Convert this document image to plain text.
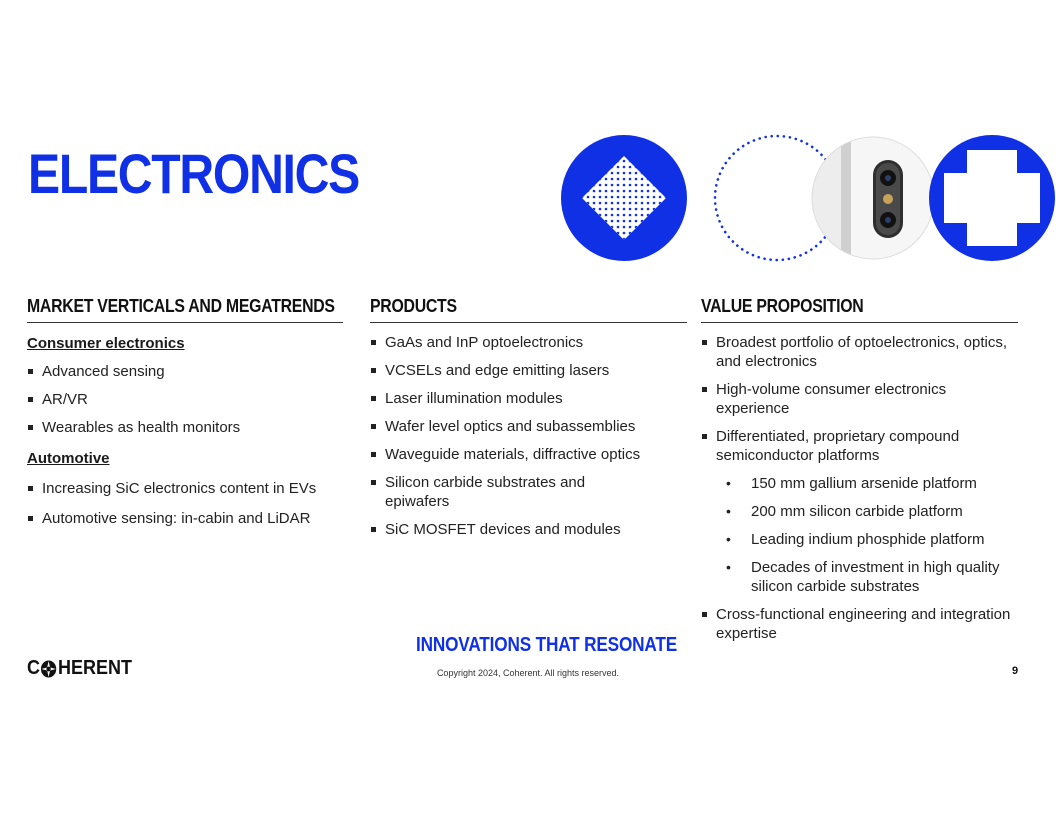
ELECTRONICS
MARKET VERTICALS AND MEGATRENDS
Consumer electronics
Advanced sensing
AR/VR
Wearables as health monitors
Automotive
Increasing SiC electronics content in EVs
Automotive sensing: in-cabin and LiDAR
PRODUCTS
GaAs and InP optoelectronics
VCSELs and edge emitting lasers
Laser illumination modules
Wafer level optics and subassemblies
Waveguide materials, diffractive optics
Silicon carbide substrates and epiwafers
SiC MOSFET devices and modules
VALUE PROPOSITION
Broadest portfolio of optoelectronics, optics, and electronics
High-volume consumer electronics experience
Differentiated, proprietary compound semiconductor platforms
• 150 mm gallium arsenide platform
• 200 mm silicon carbide platform
• Leading indium phosphide platform
• Decades of investment in high quality silicon carbide substrates
Cross-functional engineering and integration expertise
C HERENT
INNOVATIONS THAT RESONATE
Copyright 2024, Coherent. All rights reserved.	9
